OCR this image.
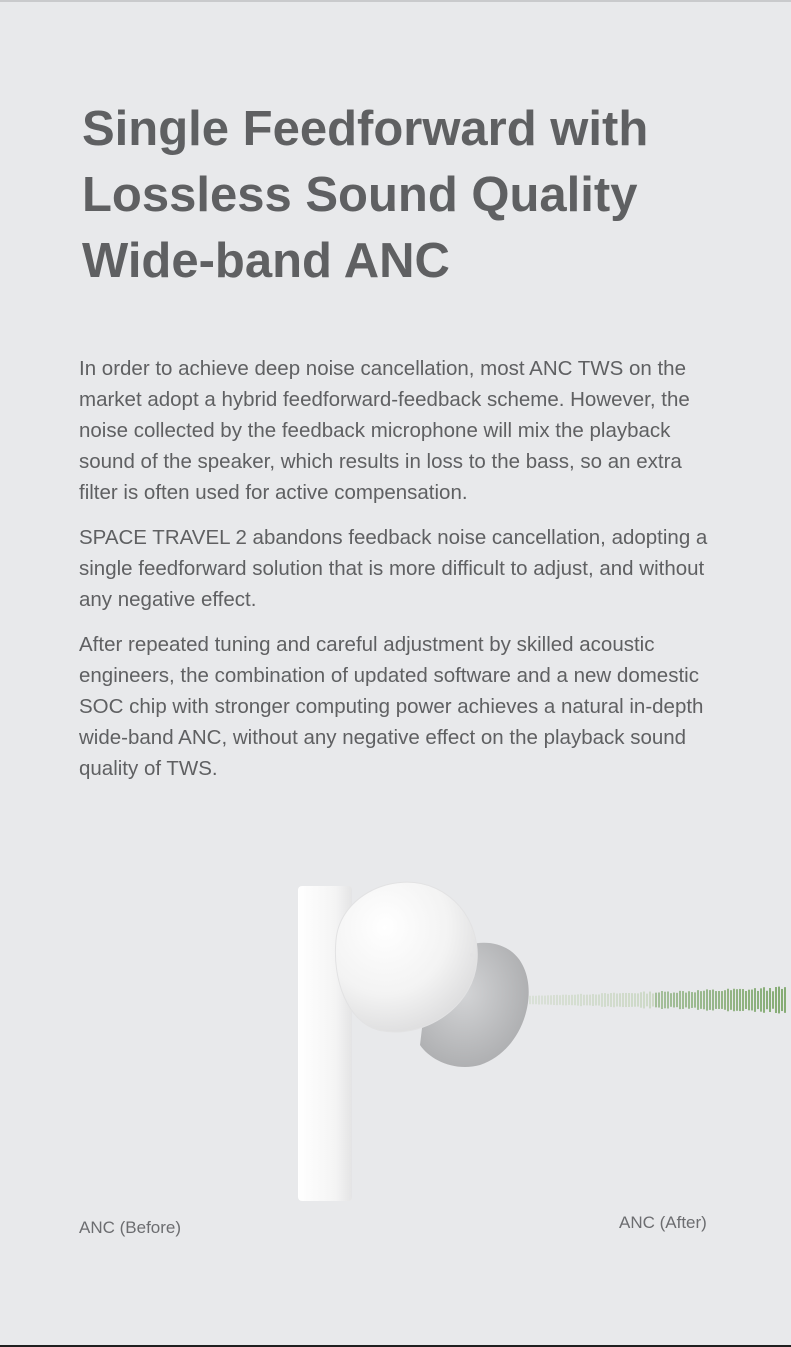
Single Feedforward with
Lossless Sound Quality
Wide-band ANC

In order to achieve deep noise cancellation, most ANC TWS on the market adopt a hybrid feedforward-feedback scheme. However, the noise collected by the feedback microphone will mix the playback sound of the speaker, which results in loss to the bass, so an extra filter is often used for active compensation.

SPACE TRAVEL 2 abandons feedback noise cancellation, adopting a single feedforward solution that is more difficult to adjust, and without any negative effect.

After repeated tuning and careful adjustment by skilled acoustic engineers, the combination of updated software and a new domestic SOC chip with stronger computing power achieves a natural in-depth wide-band ANC, without any negative effect on the playback sound quality of TWS.

ANC (Before)	ANC (After)
